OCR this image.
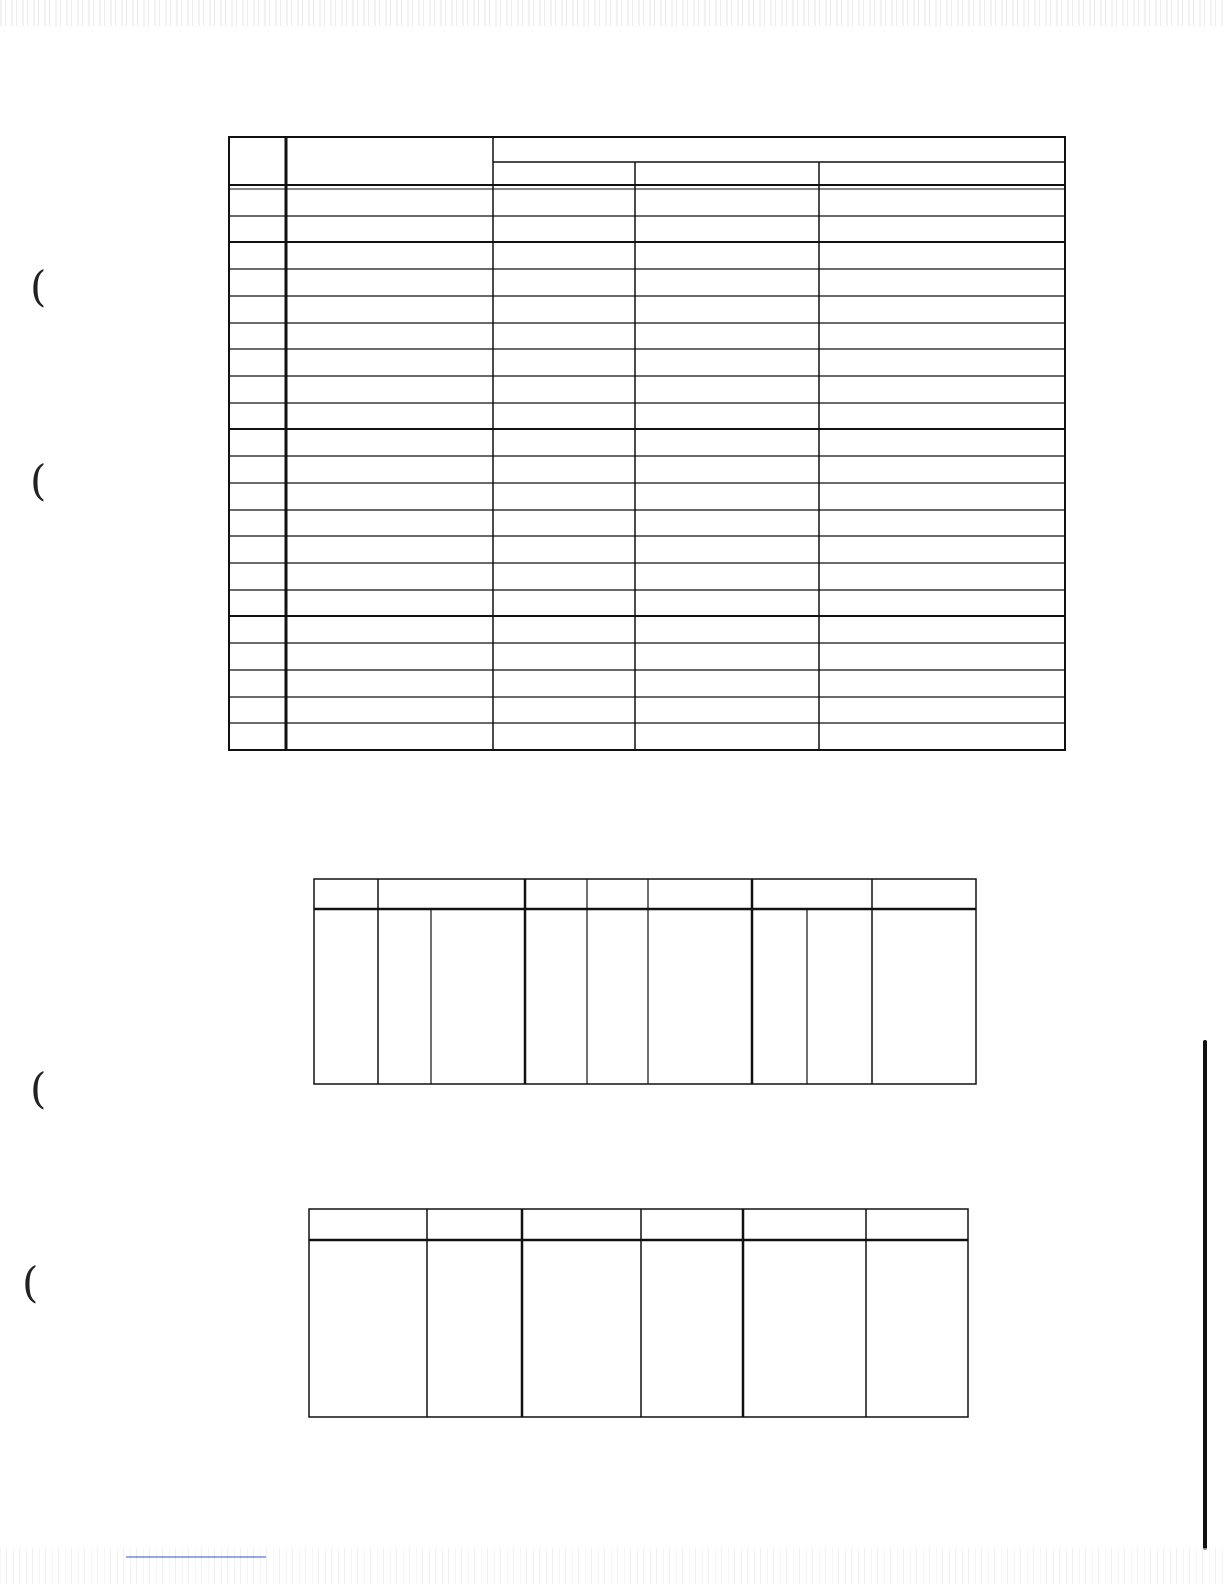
(
(
(
(
